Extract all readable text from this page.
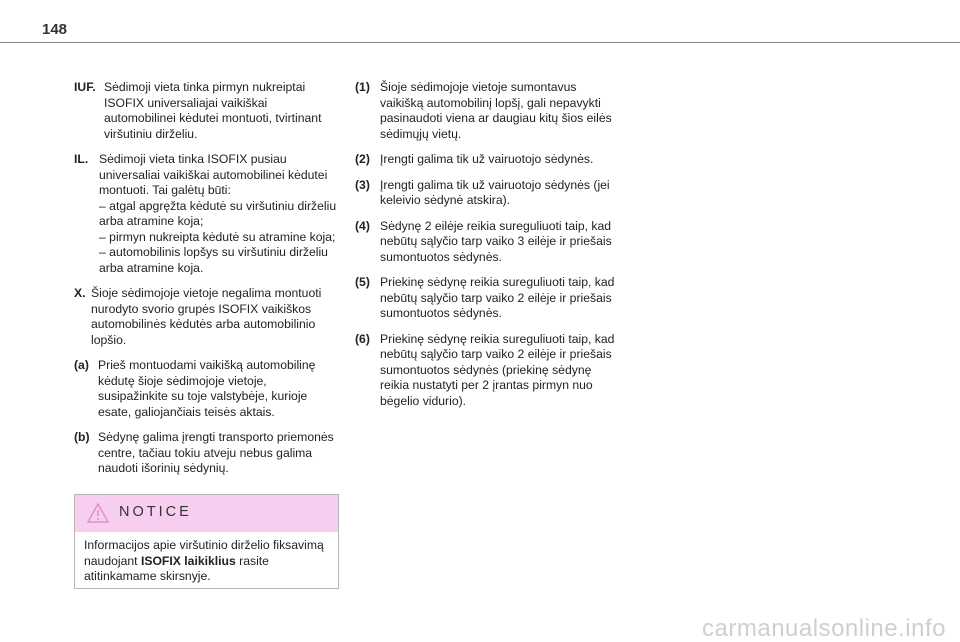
148
IUF. Sėdimoji vieta tinka pirmyn nukreiptai
ISOFIX universaliajai vaikiškai
automobilinei kėdutei montuoti, tvirtinant
viršutiniu dirželiu.
IL. Sėdimoji vieta tinka ISOFIX pusiau
universaliai vaikiškai automobilinei kėdutei
montuoti. Tai galėtų būti:
– atgal apgręžta kėdutė su viršutiniu dirželiu
arba atramine koja;
– pirmyn nukreipta kėdutė su atramine koja;
– automobilinis lopšys su viršutiniu dirželiu
arba atramine koja.
X. Šioje sėdimojoje vietoje negalima montuoti
nurodyto svorio grupės ISOFIX vaikiškos
automobilinės kėdutės arba automobilinio
lopšio.
(a) Prieš montuodami vaikišką automobilinę
kėdutę šioje sėdimojoje vietoje,
susipažinkite su toje valstybėje, kurioje
esate, galiojančiais teisės aktais.
(b) Sėdynę galima įrengti transporto priemonės
centre, tačiau tokiu atveju nebus galima
naudoti išorinių sėdynių.
(1) Šioje sėdimojoje vietoje sumontavus
vaikišką automobilinį lopšį, gali nepavykti
pasinaudoti viena ar daugiau kitų šios eilės
sėdimųjų vietų.
(2) Įrengti galima tik už vairuotojo sėdynės.
(3) Įrengti galima tik už vairuotojo sėdynės (jei
keleivio sėdynė atskira).
(4) Sėdynę 2 eilėje reikia sureguliuoti taip, kad
nebūtų sąlyčio tarp vaiko 3 eilėje ir priešais
sumontuotos sėdynės.
(5) Priekinę sėdynę reikia sureguliuoti taip, kad
nebūtų sąlyčio tarp vaiko 2 eilėje ir priešais
sumontuotos sėdynės.
(6) Priekinę sėdynę reikia sureguliuoti taip, kad
nebūtų sąlyčio tarp vaiko 2 eilėje ir priešais
sumontuotos sėdynės (priekinę sėdynę
reikia nustatyti per 2 įrantas pirmyn nuo
bėgelio vidurio).
NOTICE
Informacijos apie viršutinio dirželio fiksavimą
naudojant ISOFIX laikiklius rasite
atitinkamame skirsnyje.
carmanualsonline.info
